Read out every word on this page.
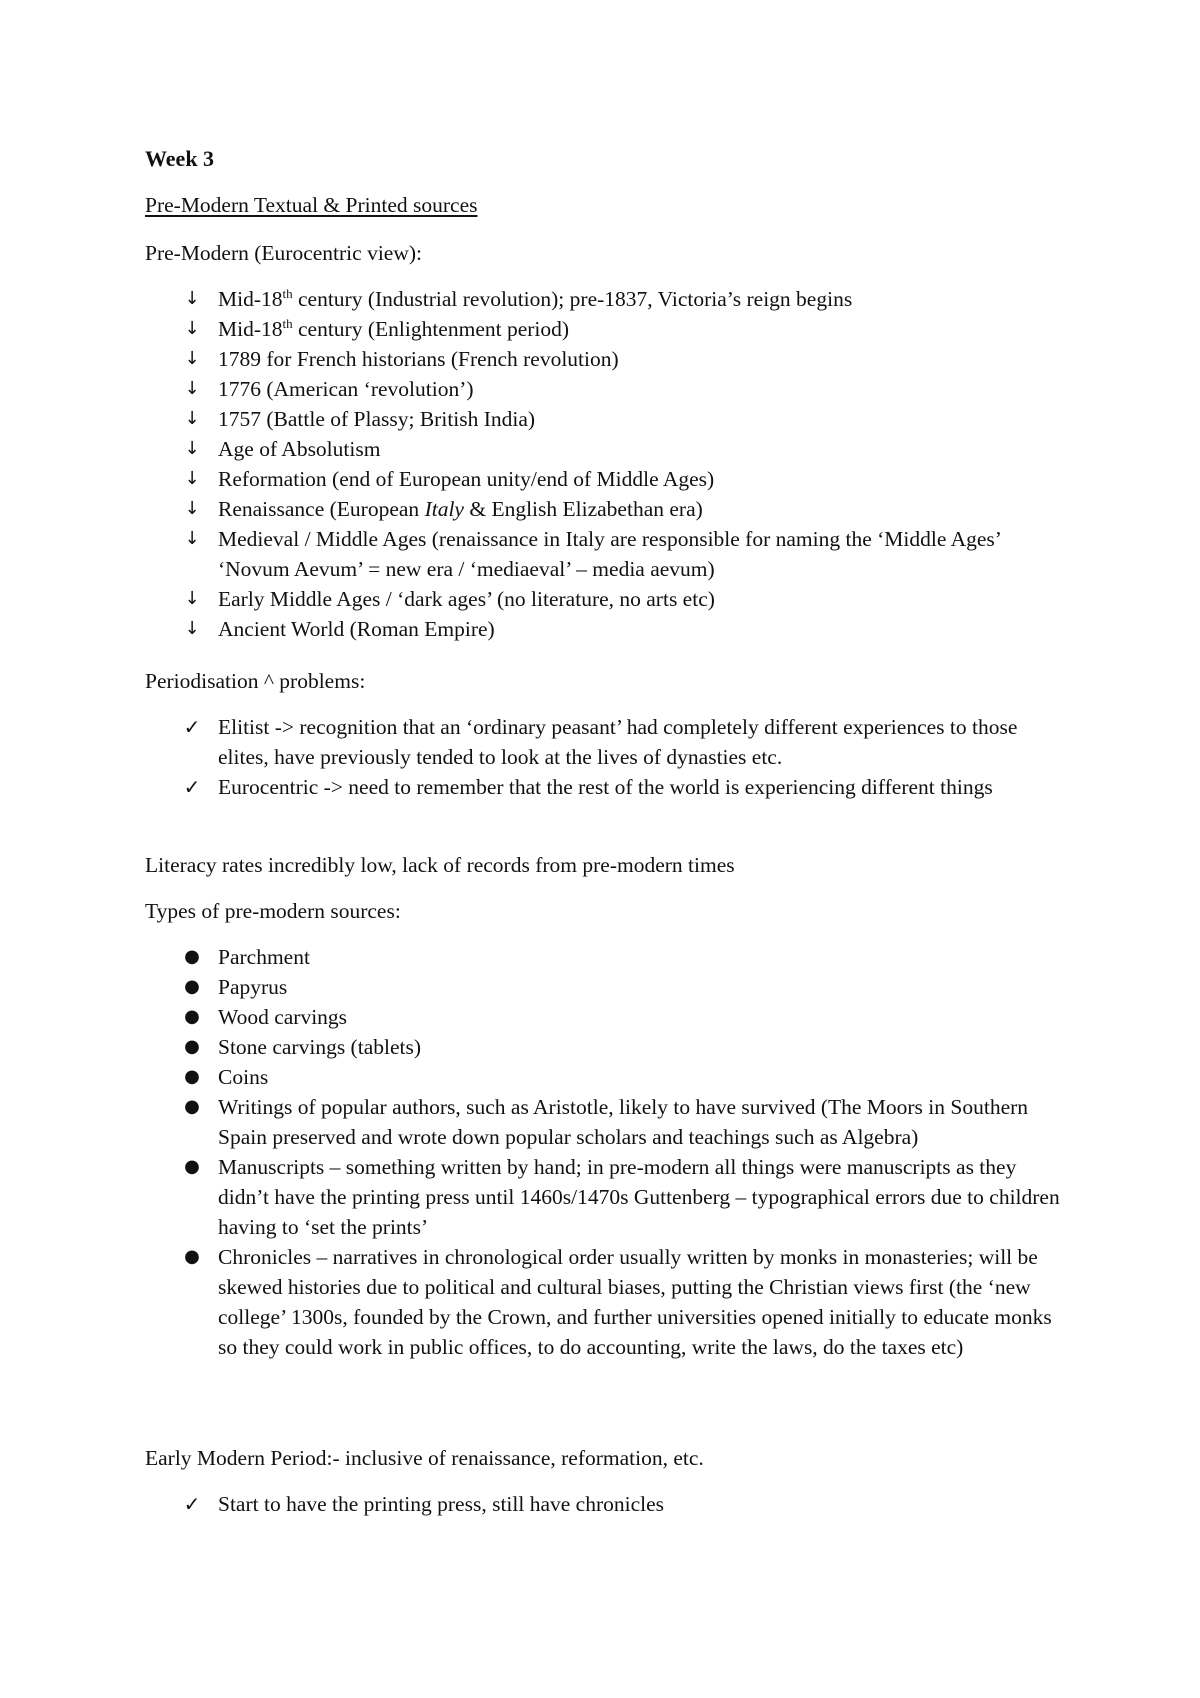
Week 3
Pre-Modern Textual & Printed sources
Pre-Modern (Eurocentric view):
↓ Mid-18th century (Industrial revolution); pre-1837, Victoria’s reign begins
↓ Mid-18th century (Enlightenment period)
↓ 1789 for French historians (French revolution)
↓ 1776 (American ‘revolution’)
↓ 1757 (Battle of Plassy; British India)
↓ Age of Absolutism
↓ Reformation (end of European unity/end of Middle Ages)
↓ Renaissance (European Italy & English Elizabethan era)
↓ Medieval / Middle Ages (renaissance in Italy are responsible for naming the ‘Middle Ages’ ‘Novum Aevum’ = new era / ‘mediaeval’ – media aevum)
↓ Early Middle Ages / ‘dark ages’ (no literature, no arts etc)
↓ Ancient World (Roman Empire)
Periodisation ^ problems:
✓ Elitist -> recognition that an ‘ordinary peasant’ had completely different experiences to those elites, have previously tended to look at the lives of dynasties etc.
✓ Eurocentric -> need to remember that the rest of the world is experiencing different things
Literacy rates incredibly low, lack of records from pre-modern times
Types of pre-modern sources:
● Parchment
● Papyrus
● Wood carvings
● Stone carvings (tablets)
● Coins
● Writings of popular authors, such as Aristotle, likely to have survived (The Moors in Southern Spain preserved and wrote down popular scholars and teachings such as Algebra)
● Manuscripts – something written by hand; in pre-modern all things were manuscripts as they didn’t have the printing press until 1460s/1470s Guttenberg – typographical errors due to children having to ‘set the prints’
● Chronicles – narratives in chronological order usually written by monks in monasteries; will be skewed histories due to political and cultural biases, putting the Christian views first (the ‘new college’ 1300s, founded by the Crown, and further universities opened initially to educate monks so they could work in public offices, to do accounting, write the laws, do the taxes etc)
Early Modern Period:- inclusive of renaissance, reformation, etc.
✓ Start to have the printing press, still have chronicles
